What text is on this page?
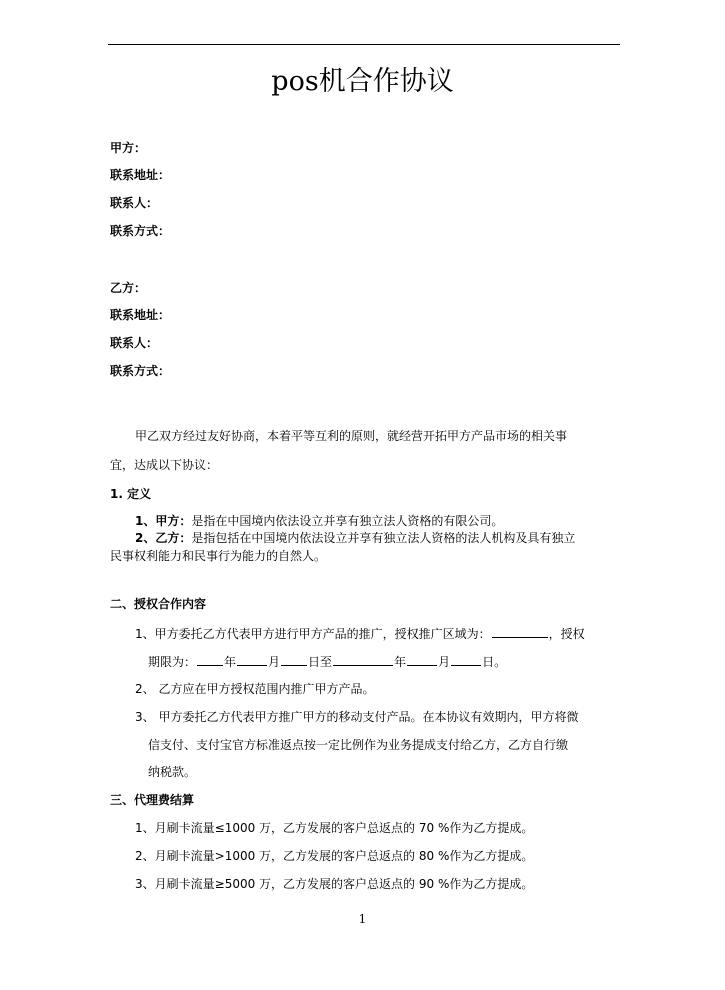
pos机合作协议
甲方：
联系地址：
联系人：
联系方式：
乙方：
联系地址：
联系人：
联系方式：
甲乙双方经过友好协商，本着平等互利的原则，就经营开拓甲方产品市场的相关事
宜，达成以下协议：
1. 定义
1、甲方：是指在中国境内依法设立并享有独立法人资格的有限公司。
2、乙方：是指包括在中国境内依法设立并享有独立法人资格的法人机构及具有独立
民事权利能力和民事行为能力的自然人。
二、授权合作内容
1、甲方委托乙方代表甲方进行甲方产品的推广，授权推广区域为：	，授权
期限为： 年	月 日至	年	月	日。
2、 乙方应在甲方授权范围内推广甲方产品。
3、 甲方委托乙方代表甲方推广甲方的移动支付产品。在本协议有效期内，甲方将微
信支付、支付宝官方标准返点按一定比例作为业务提成支付给乙方，乙方自行缴
纳税款。
三、代理费结算
1、月刷卡流量≤1000 万，乙方发展的客户总返点的 70 %作为乙方提成。
2、月刷卡流量>1000 万，乙方发展的客户总返点的 80 %作为乙方提成。
3、月刷卡流量≥5000 万，乙方发展的客户总返点的 90 %作为乙方提成。
1
